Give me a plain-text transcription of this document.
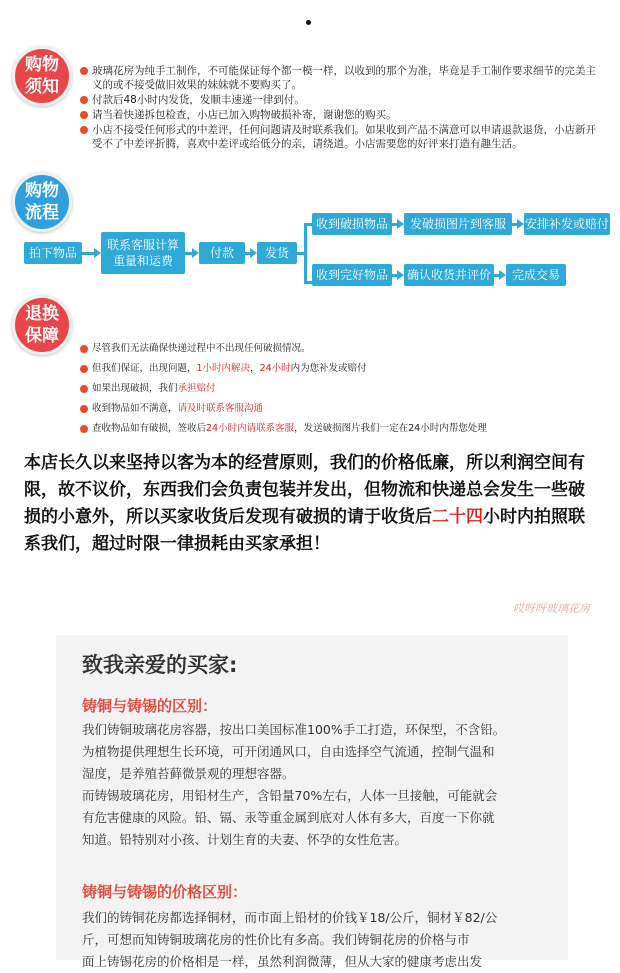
购物
须知
玻璃花房为纯手工制作，不可能保证每个都一模一样，以收到的那个为准，毕竟是手工制作要求细节的完美主义的或不接受做旧效果的妹妹就不要购买了。
付款后48小时内发货，发顺丰速递一律到付。
请当着快递拆包检查，小店已加入购物破损补寄，谢谢您的购买。
小店不接受任何形式的中差评，任何问题请及时联系我们。如果收到产品不满意可以申请退款退货，小店新开受不了中差评折腾，喜欢中差评或给低分的亲，请绕道。小店需要您的好评来打造有趣生活。
购物
流程
拍下物品
联系客服计算
重量和运费
付款	发货
收到破损物品	发破损图片到客服	安排补发或赔付
收到完好物品	确认收货并评价	完成交易
退换
保障
尽管我们无法确保快递过程中不出现任何破损情况。
但我们保证，出现问题，1小时内解决，24小时内为您补发或赔付
如果出现破损，我们承担赔付
收到物品如不满意，请及时联系客服沟通
查收物品如有破损，签收后24小时内请联系客服，发送破损图片我们一定在24小时内帮您处理
本店长久以来坚持以客为本的经营原则，我们的价格低廉，所以利润空间有限，故不议价，东西我们会负责包装并发出，但物流和快递总会发生一些破损的小意外，所以买家收货后发现有破损的请于收货后二十四小时内拍照联系我们，超过时限一律损耗由买家承担！
哎呀呀玻璃花房
致我亲爱的买家:
铸铜与铸锡的区别：
我们铸铜玻璃花房容器，按出口美国标准100%手工打造，环保型，不含铅。
为植物提供理想生长环境，可开闭通风口，自由选择空气流通，控制气温和
湿度，是养殖苔藓微景观的理想容器。
而铸锡玻璃花房，用铅材生产，含铅量70%左右，人体一旦接触，可能就会
有危害健康的风险。铅、镉、汞等重金属到底对人体有多大，百度一下你就
知道。铅特别对小孩、计划生育的夫妻、怀孕的女性危害。
铸铜与铸锡的价格区别：
我们的铸铜花房都选择铜材，而市面上铅材的价钱￥18/公斤，铜材￥82/公
斤，可想而知铸铜玻璃花房的性价比有多高。我们铸铜花房的价格与市
面上铸锡花房的价格相是一样，虽然利润微薄，但从大家的健康考虑出发
